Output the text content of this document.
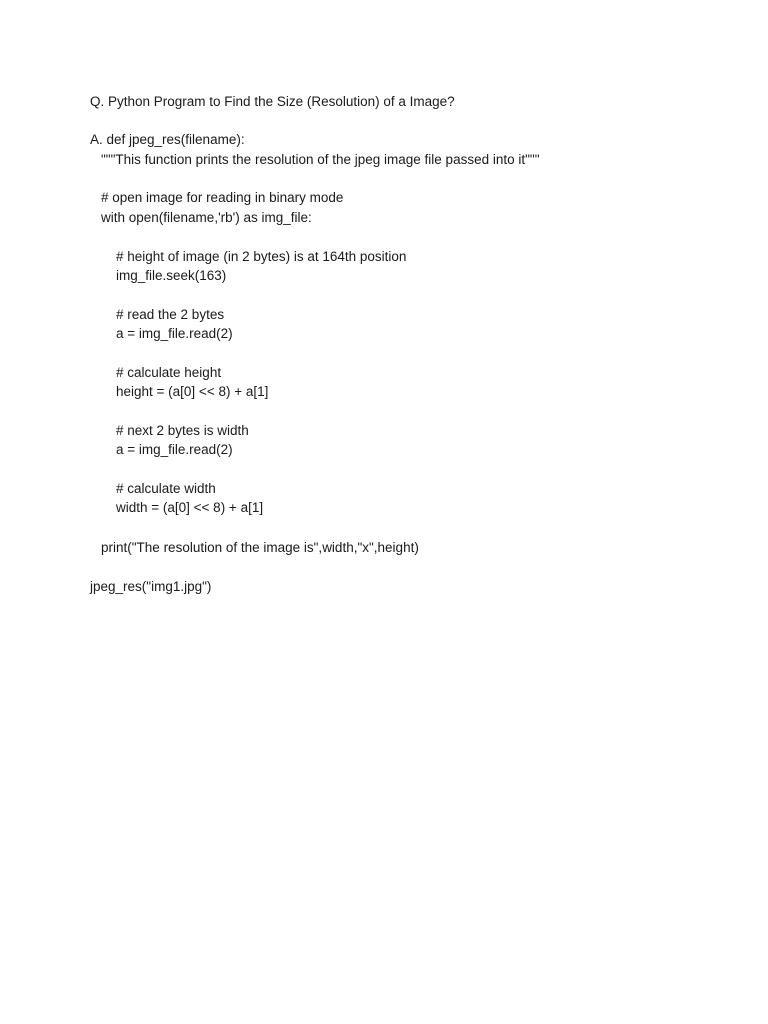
Q. Python Program to Find the Size (Resolution) of a Image?
A. def jpeg_res(filename):
"""This function prints the resolution of the jpeg image file passed into it"""
# open image for reading in binary mode
with open(filename,'rb') as img_file:
# height of image (in 2 bytes) is at 164th position
img_file.seek(163)
# read the 2 bytes
a = img_file.read(2)
# calculate height
height = (a[0] << 8) + a[1]
# next 2 bytes is width
a = img_file.read(2)
# calculate width
width = (a[0] << 8) + a[1]
print("The resolution of the image is",width,"x",height)
jpeg_res("img1.jpg")
